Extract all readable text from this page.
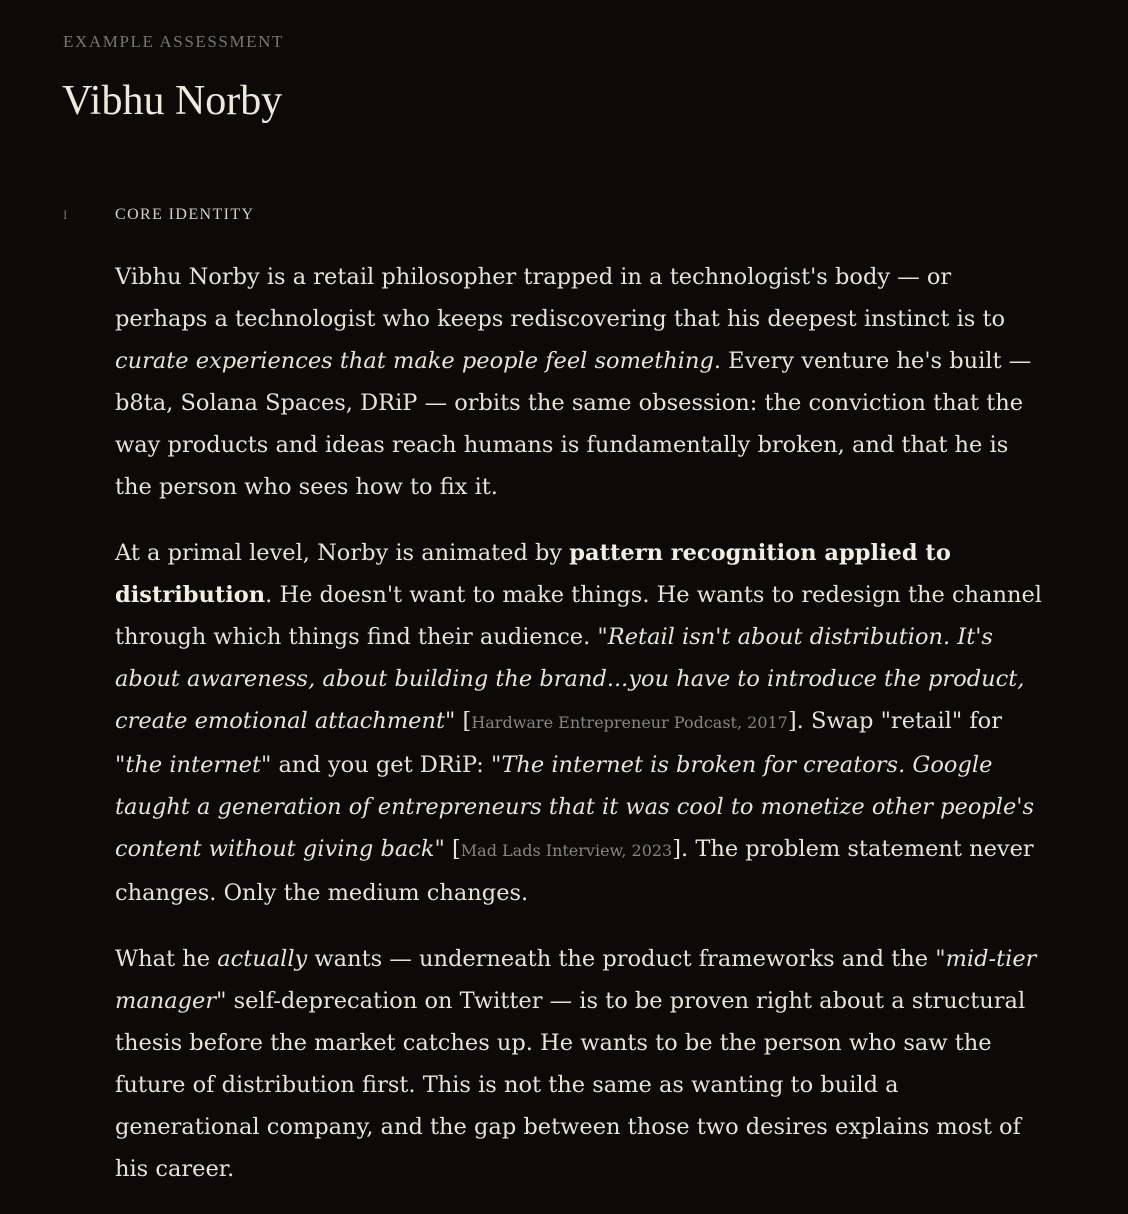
EXAMPLE ASSESSMENT
Vibhu Norby
I	CORE IDENTITY

Vibhu Norby is a retail philosopher trapped in a technologist's body — or perhaps a technologist who keeps rediscovering that his deepest instinct is to curate experiences that make people feel something. Every venture he's built — b8ta, Solana Spaces, DRiP — orbits the same obsession: the conviction that the way products and ideas reach humans is fundamentally broken, and that he is the person who sees how to fix it.

At a primal level, Norby is animated by pattern recognition applied to distribution. He doesn't want to make things. He wants to redesign the channel through which things find their audience. "Retail isn't about distribution. It's about awareness, about building the brand...you have to introduce the product, create emotional attachment" [Hardware Entrepreneur Podcast, 2017]. Swap "retail" for "the internet" and you get DRiP: "The internet is broken for creators. Google taught a generation of entrepreneurs that it was cool to monetize other people's content without giving back" [Mad Lads Interview, 2023]. The problem statement never changes. Only the medium changes.

What he actually wants — underneath the product frameworks and the "mid-tier manager" self-deprecation on Twitter — is to be proven right about a structural thesis before the market catches up. He wants to be the person who saw the future of distribution first. This is not the same as wanting to build a generational company, and the gap between those two desires explains most of his career.
